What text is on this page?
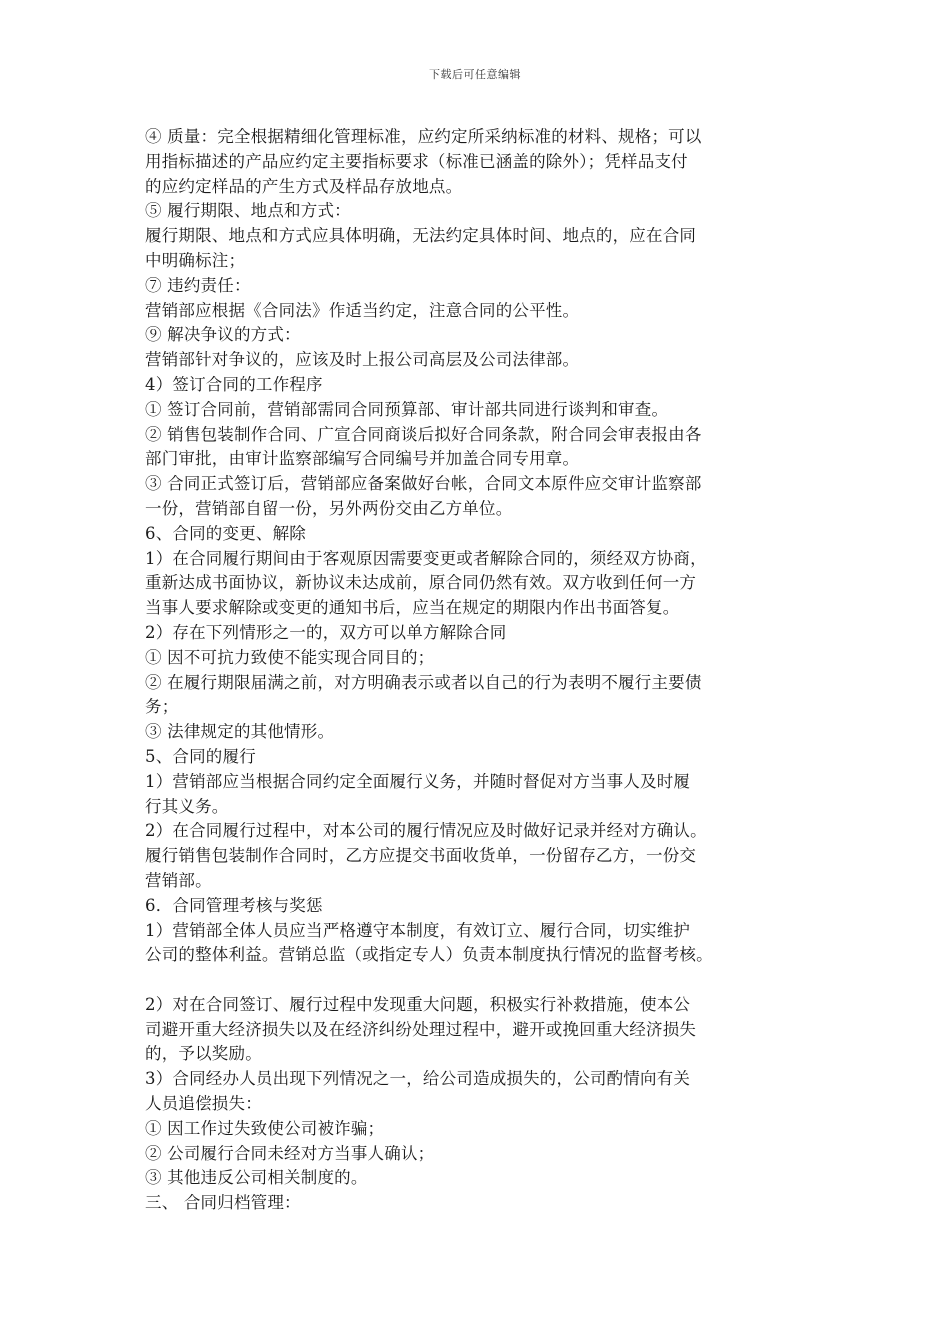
下载后可任意编辑
④ 质量：完全根据精细化管理标准，应约定所采纳标准的材料、规格；可以
用指标描述的产品应约定主要指标要求（标准已涵盖的除外）；凭样品支付
的应约定样品的产生方式及样品存放地点。
⑤ 履行期限、地点和方式：
履行期限、地点和方式应具体明确，无法约定具体时间、地点的，应在合同
中明确标注；
⑦ 违约责任：
营销部应根据《合同法》作适当约定，注意合同的公平性。
⑨ 解决争议的方式：
营销部针对争议的，应该及时上报公司高层及公司法律部。
4）签订合同的工作程序
① 签订合同前，营销部需同合同预算部、审计部共同进行谈判和审查。
② 销售包装制作合同、广宣合同商谈后拟好合同条款，附合同会审表报由各
部门审批，由审计监察部编写合同编号并加盖合同专用章。
③ 合同正式签订后，营销部应备案做好台帐，合同文本原件应交审计监察部
一份，营销部自留一份，另外两份交由乙方单位。
6、合同的变更、解除
1）在合同履行期间由于客观原因需要变更或者解除合同的，须经双方协商，
重新达成书面协议，新协议未达成前，原合同仍然有效。双方收到任何一方
当事人要求解除或变更的通知书后，应当在规定的期限内作出书面答复。
2）存在下列情形之一的，双方可以单方解除合同
① 因不可抗力致使不能实现合同目的；
② 在履行期限届满之前，对方明确表示或者以自己的行为表明不履行主要债
务；
③ 法律规定的其他情形。
5、合同的履行
1）营销部应当根据合同约定全面履行义务，并随时督促对方当事人及时履
行其义务。
2）在合同履行过程中，对本公司的履行情况应及时做好记录并经对方确认。
履行销售包装制作合同时，乙方应提交书面收货单，一份留存乙方，一份交
营销部。
6．合同管理考核与奖惩
1）营销部全体人员应当严格遵守本制度，有效订立、履行合同，切实维护
公司的整体利益。营销总监（或指定专人）负责本制度执行情况的监督考核。
2）对在合同签订、履行过程中发现重大问题，积极实行补救措施，使本公
司避开重大经济损失以及在经济纠纷处理过程中，避开或挽回重大经济损失
的，予以奖励。
3）合同经办人员出现下列情况之一，给公司造成损失的，公司酌情向有关
人员追偿损失：
① 因工作过失致使公司被诈骗；
② 公司履行合同未经对方当事人确认；
③ 其他违反公司相关制度的。
三、 合同归档管理：
